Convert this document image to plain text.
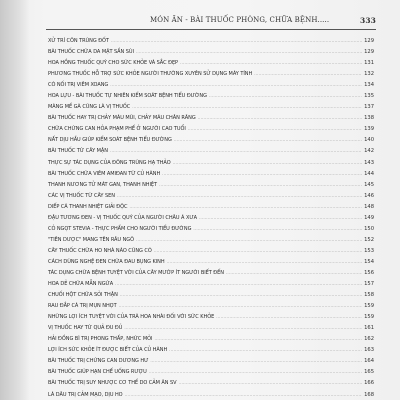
MÓN ĂN - BÀI THUỐC PHÒNG, CHỮA BỆNH.....	333
XỬ TRÍ CÔN TRÙNG ĐỐT .....	129
BÀI THUỐC CHỮA DA MẶT SẦN SÙI .....	129
HOA HỒNG THUỐC QUÝ CHO SỨC KHỎE VÀ SẮC ĐẸP .....	131
PHƯƠNG THUỐC HỖ TRỢ SỨC KHỎE NGƯỜI THƯỜNG XUYÊN SỬ DỤNG MÁY TÍNH .....	132
CÓ NỐI TRỊ VIÊM XOANG .....	134
HOA LỰU - BÀI THUỐC TỰ NHIÊN KIỂM SOÁT BỆNH TIỂU ĐƯỜNG .....	135
MÀNG MỀ GÀ CŨNG LÀ VỊ THUỐC .....	137
BÀI THUỐC HAY TRỊ CHẢY MÁU MŨI, CHẢY MÁU CHÂN RĂNG .....	138
CHỮA CHỨNG CAN HỎA PHẠM PHẾ Ở NGƯỜI CAO TUỔI .....	139
NẤT DỊU HẦU GIÚP KIỂM SOÁT BỆNH TIỂU ĐƯỜNG .....	140
BÀI THUỐC TỪ CÂY MẬN .....	142
THỰC SỰ TÁC DỤNG CỦA ĐÔNG TRÙNG HẠ THẢO .....	143
BÀI THUỐC CHỮA VIÊM AMIĐAN TỪ CỦ HÀNH .....	144
THANH NƯƠNG TỬ MÁT GAN, THANH NHIỆT .....	145
CÁC VỊ THUỐC TỪ CÂY SEN .....	146
DIẾP CÁ THANH NHIỆT GIẢI ĐỘC .....	148
ĐẬU TƯƠNG ĐEN - VỊ THUỐC QUÝ CỦA NGƯỜI CHÂU Á XƯA .....	149
CỎ NGỌT STEVIA - THỰC PHẨM CHO NGƯỜI TIỂU ĐƯỜNG .....	150
"TIÊN DƯỢC" MANG TÊN RÂU NGÔ .....	152
CÂY THUỐC CHỮA HO NHÀ NÀO CŨNG CÓ .....	153
CÁCH DÙNG NGHỆ ĐEN CHỮA ĐAU BỤNG KINH .....	154
TÁC DỤNG CHỮA BỆNH TUYỆT VỜI CỦA CÂY MƯỚP ÍT NGƯỜI BIẾT ĐẾN .....	156
HOA DẺ CHỮA MẪN NGỨA .....	157
CHUỐI HỘT CHỮA SỎI THẬN .....	158
RAU ĐẮP CÁ TRỊ MỤN NHỌT .....	159
NHỮNG LỢI ÍCH TUYỆT VỜI CỦA TRÀ HOA NHÀI ĐỐI VỚI SỨC KHỎE .....	159
VỊ THUỐC HAY TỪ QUẢ ĐU ĐỦ .....	161
HẢI ĐỒNG BÌ TRỊ PHONG THẤP, NHỨC MỎI .....	162
LỢI ÍCH SỨC KHỎE ÍT ĐƯỢC BIẾT CỦA CỦ HÀNH .....	163
BÀI THUỐC TRỊ CHỨNG CAN DƯƠNG HƯ .....	164
BÀI THUỐC GIÚP HẠN CHẾ UỐNG RƯỢU .....	165
BÀI THUỐC TRỊ SUY NHƯỢC CƠ THỂ DO CẢM ĂN SV .....	166
LÁ DÂU TRỊ CẢM MẠO, DỊU HO .....	168
